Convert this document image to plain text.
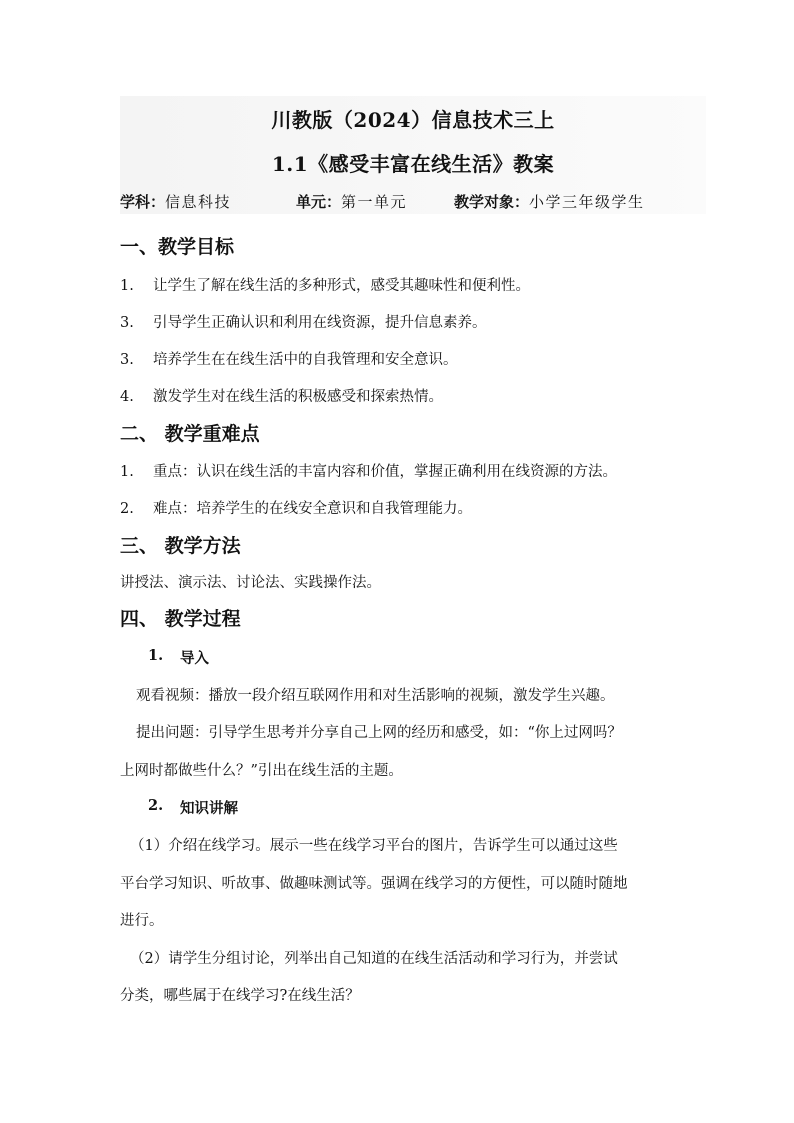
川教版（2024）信息技术三上
1.1《感受丰富在线生活》教案
学科：信息科技	单元：第一单元	教学对象：小学三年级学生
一、教学目标
1. 让学生了解在线生活的多种形式，感受其趣味性和便利性。
3. 引导学生正确认识和利用在线资源，提升信息素养。
3. 培养学生在在线生活中的自我管理和安全意识。
4. 激发学生对在线生活的积极感受和探索热情。
二、 教学重难点
1. 重点：认识在线生活的丰富内容和价值，掌握正确利用在线资源的方法。
2. 难点：培养学生的在线安全意识和自我管理能力。
三、 教学方法
讲授法、演示法、讨论法、实践操作法。
四、 教学过程
1. 导入
观看视频：播放一段介绍互联网作用和对生活影响的视频，激发学生兴趣。
提出问题：引导学生思考并分享自己上网的经历和感受，如：“你上过网吗？
上网时都做些什么？”引出在线生活的主题。
2. 知识讲解
（1）介绍在线学习。展示一些在线学习平台的图片，告诉学生可以通过这些
平台学习知识、听故事、做趣味测试等。强调在线学习的方便性，可以随时随地
进行。
（2）请学生分组讨论，列举出自己知道的在线生活活动和学习行为，并尝试
分类，哪些属于在线学习?在线生活？
